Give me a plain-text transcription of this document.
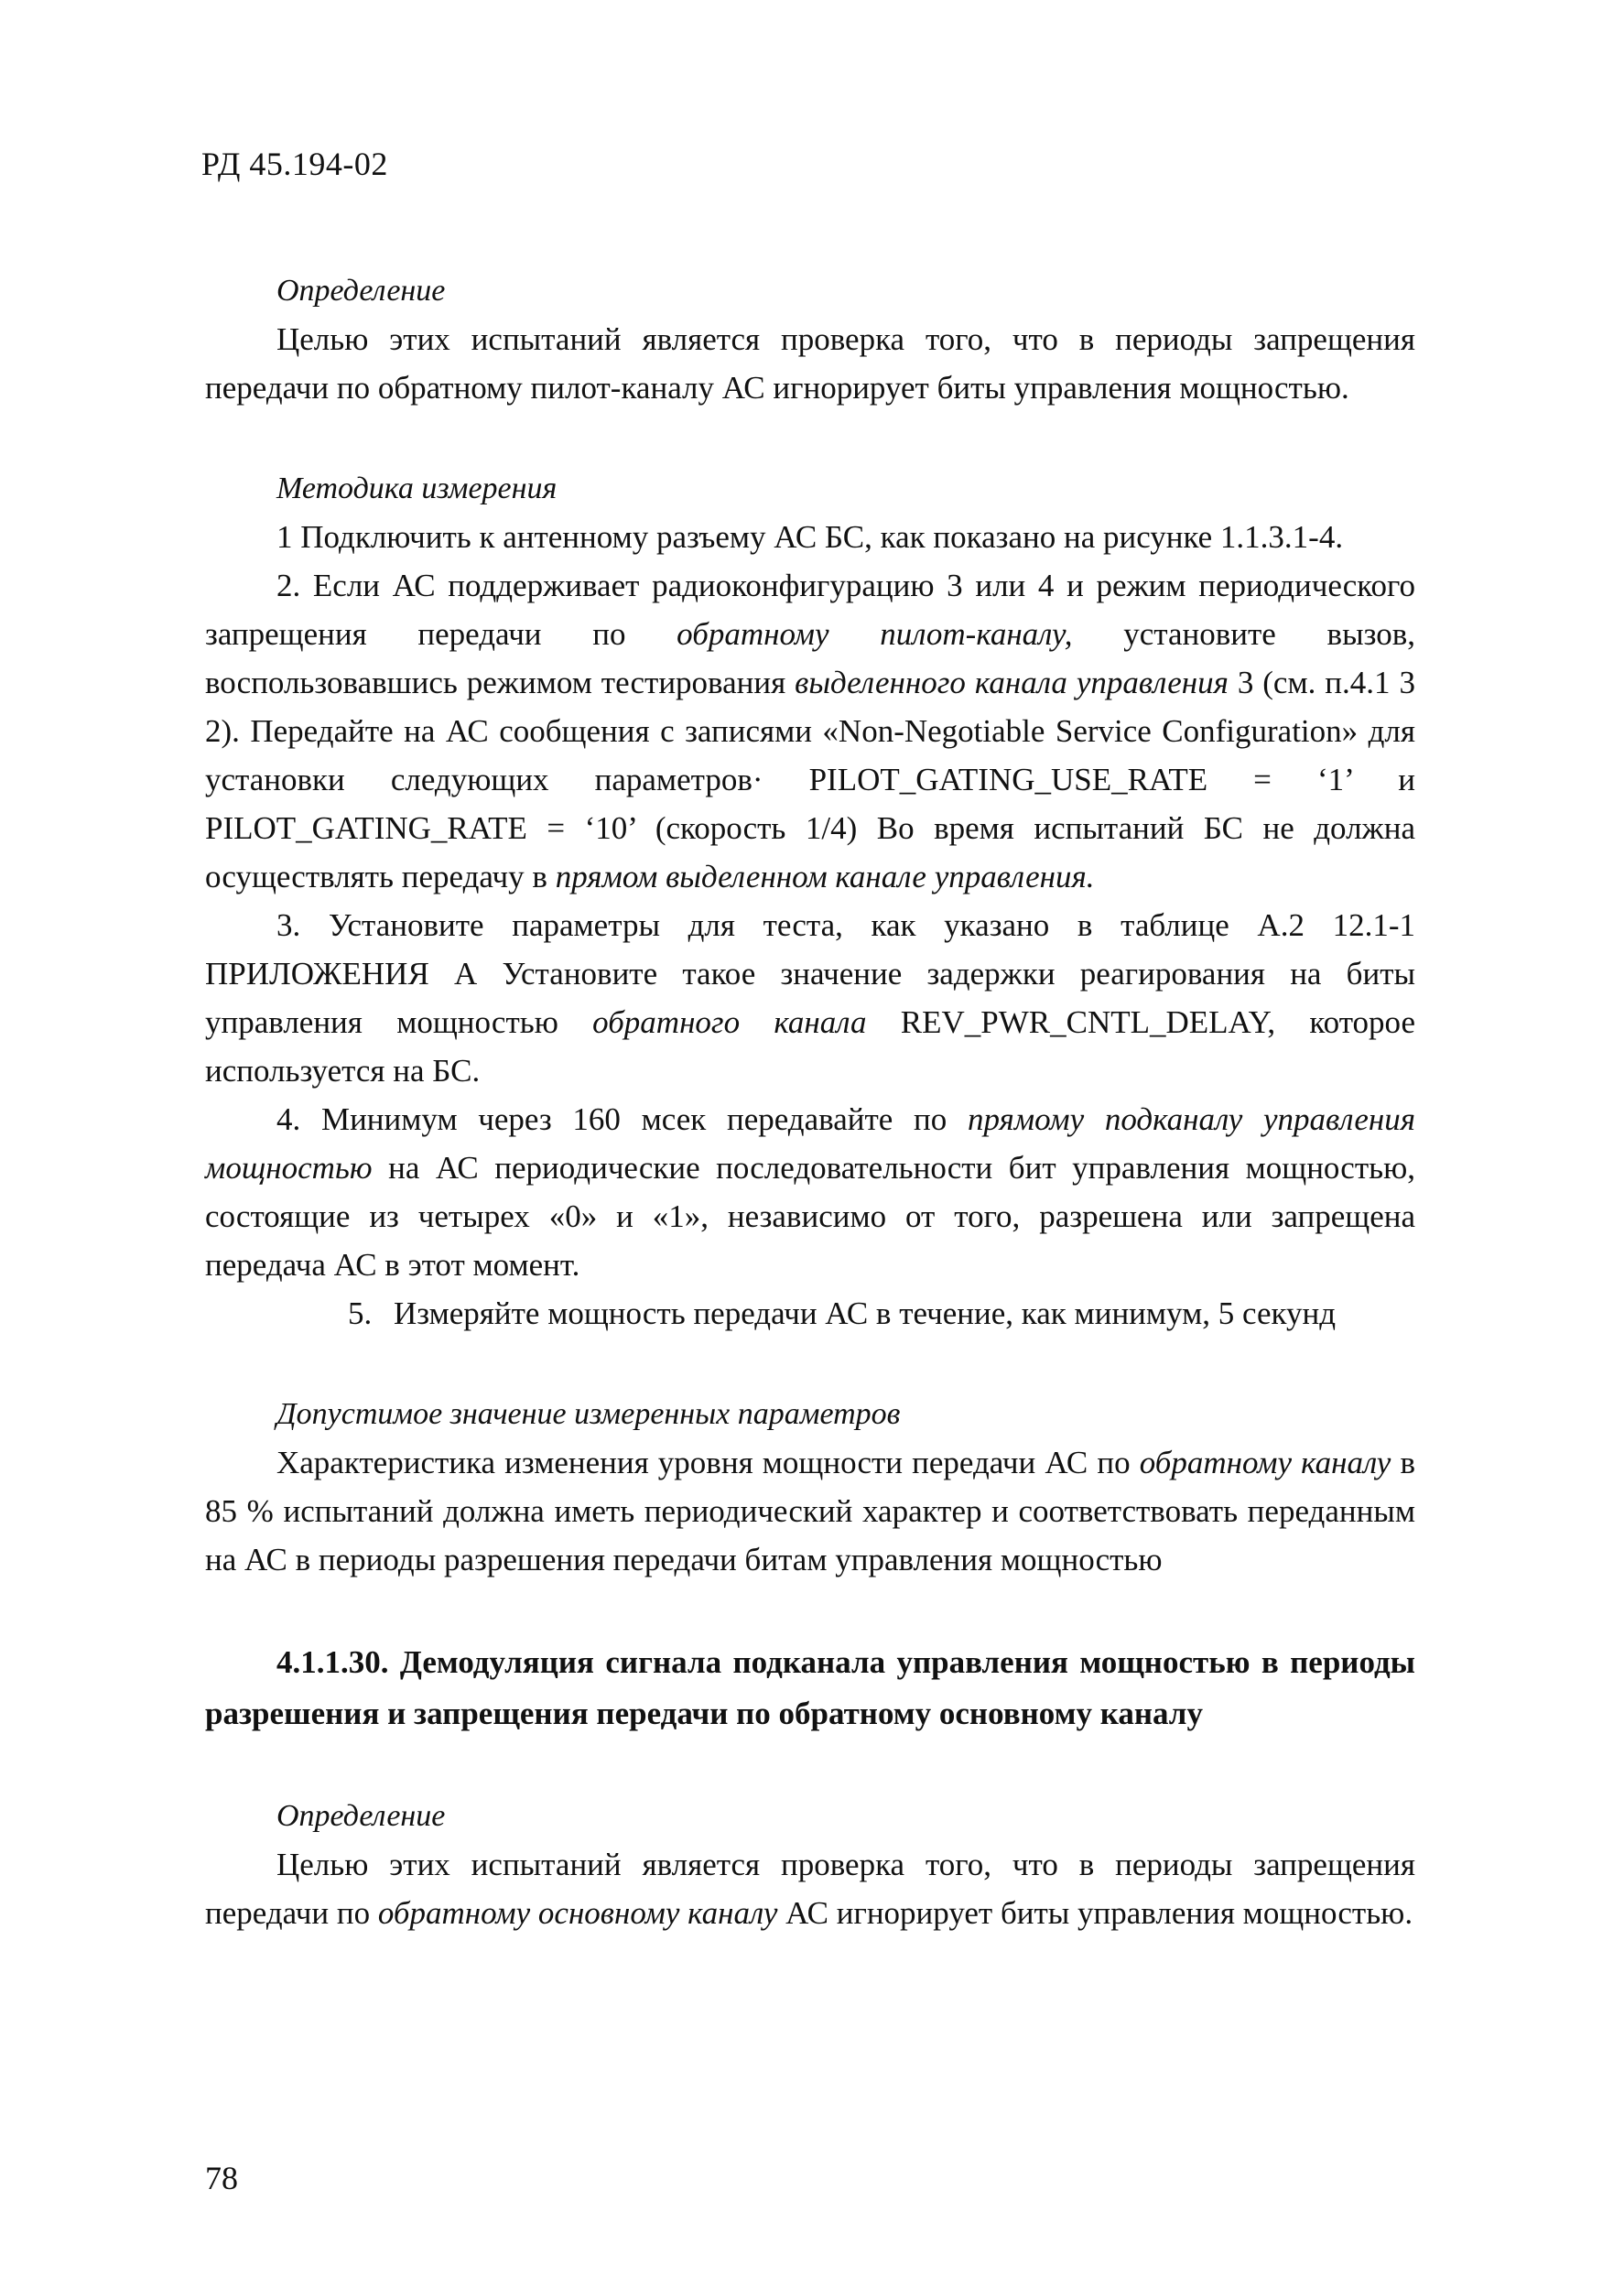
РД 45.194-02
Определение

Целью этих испытаний является проверка того, что в периоды запрещения передачи по обратному пилот-каналу АС игнорирует биты управления мощностью.

Методика измерения

1 Подключить к антенному разъему АС БС, как показано на рисунке 1.1.3.1-4.

2. Если АС поддерживает радиоконфигурацию 3 или 4 и режим периодического запрещения передачи по обратному пилот-каналу, установите вызов, воспользовавшись режимом тестирования выделенного канала управления 3 (см. п.4.1 3 2). Передайте на АС сообщения с записями «Non-Negotiable Service Configuration» для установки следующих параметров· PILOT_GATING_USE_RATE = ‘1’ и PILOT_GATING_RATE = ‘10’ (скорость 1/4) Во время испытаний БС не должна осуществлять передачу в прямом выделенном канале управления.

3. Установите параметры для теста, как указано в таблице А.2 12.1-1 ПРИЛОЖЕНИЯ А Установите такое значение задержки реагирования на биты управления мощностью обратного канала REV_PWR_CNTL_DELAY, которое используется на БС.

4. Минимум через 160 мсек передавайте по прямому подканалу управления мощностью на АС периодические последовательности бит управления мощностью, состоящие из четырех «0» и «1», независимо от того, разрешена или запрещена передача АС в этот момент.

5. Измеряйте мощность передачи АС в течение, как минимум, 5 секунд

Допустимое значение измеренных параметров

Характеристика изменения уровня мощности передачи АС по обратному каналу в 85 % испытаний должна иметь периодический характер и соответствовать переданным на АС в периоды разрешения передачи битам управления мощностью

4.1.1.30. Демодуляция сигнала подканала управления мощностью в периоды разрешения и запрещения передачи по обратному основному каналу

Определение

Целью этих испытаний является проверка того, что в периоды запрещения передачи по обратному основному каналу АС игнорирует биты управления мощностью.

78
